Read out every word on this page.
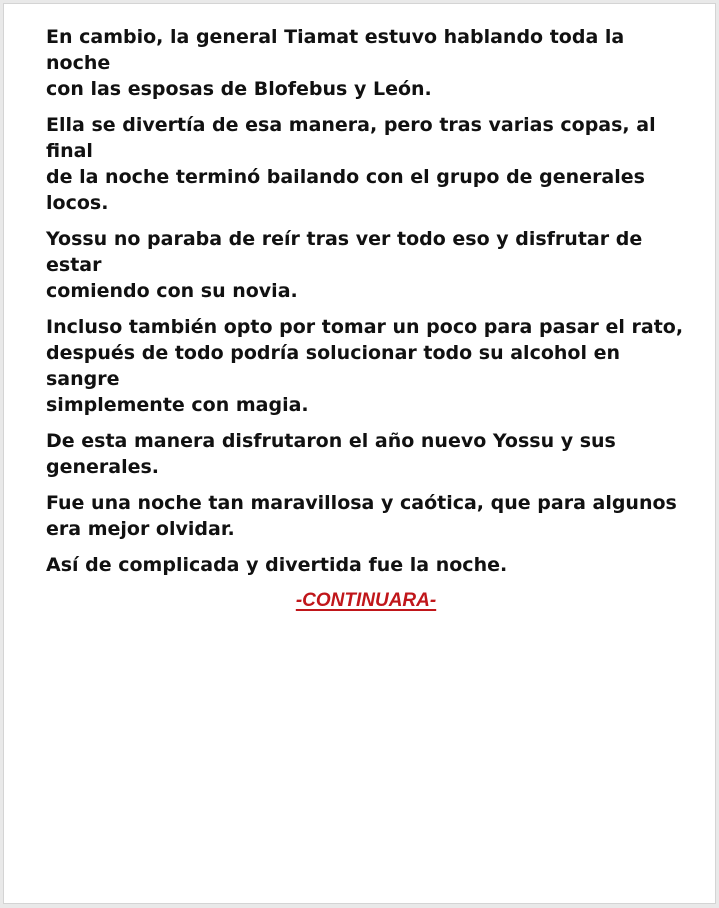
En cambio, la general Tiamat estuvo hablando toda la noche
con las esposas de Blofebus y León.

Ella se divertía de esa manera, pero tras varias copas, al final
de la noche terminó bailando con el grupo de generales
locos.

Yossu no paraba de reír tras ver todo eso y disfrutar de estar
comiendo con su novia.

Incluso también opto por tomar un poco para pasar el rato,
después de todo podría solucionar todo su alcohol en sangre
simplemente con magia.

De esta manera disfrutaron el año nuevo Yossu y sus
generales.

Fue una noche tan maravillosa y caótica, que para algunos
era mejor olvidar.

Así de complicada y divertida fue la noche.

-CONTINUARA-
